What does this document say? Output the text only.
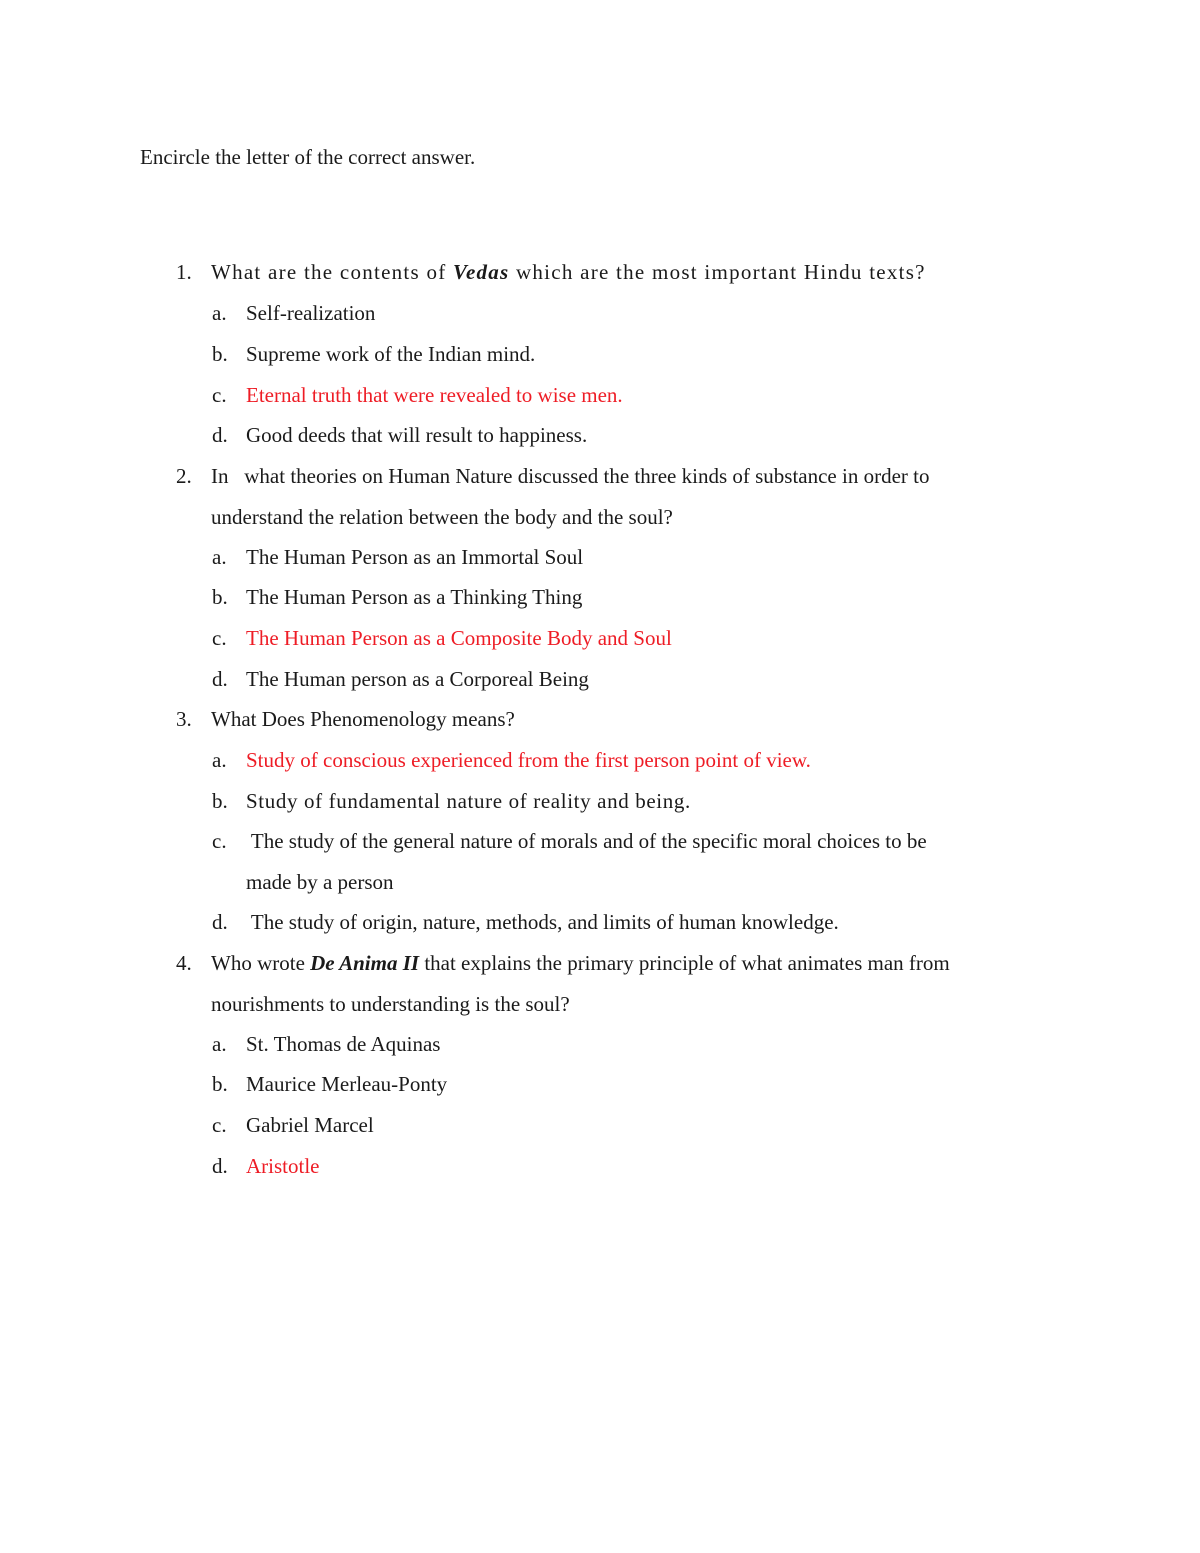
Encircle the letter of the correct answer.

1. What are the contents of Vedas which are the most important Hindu texts?
a. Self-realization
b. Supreme work of the Indian mind.
c. Eternal truth that were revealed to wise men.
d. Good deeds that will result to happiness.
2. In   what theories on Human Nature discussed the three kinds of substance in order to
understand the relation between the body and the soul?
a. The Human Person as an Immortal Soul
b. The Human Person as a Thinking Thing
c. The Human Person as a Composite Body and Soul
d. The Human person as a Corporeal Being
3. What Does Phenomenology means?
a. Study of conscious experienced from the first person point of view.
b. Study of fundamental nature of reality and being.
c. The study of the general nature of morals and of the specific moral choices to be
made by a person
d. The study of origin, nature, methods, and limits of human knowledge.
4. Who wrote De Anima II that explains the primary principle of what animates man from
nourishments to understanding is the soul?
a. St. Thomas de Aquinas
b. Maurice Merleau-Ponty
c. Gabriel Marcel
d. Aristotle
